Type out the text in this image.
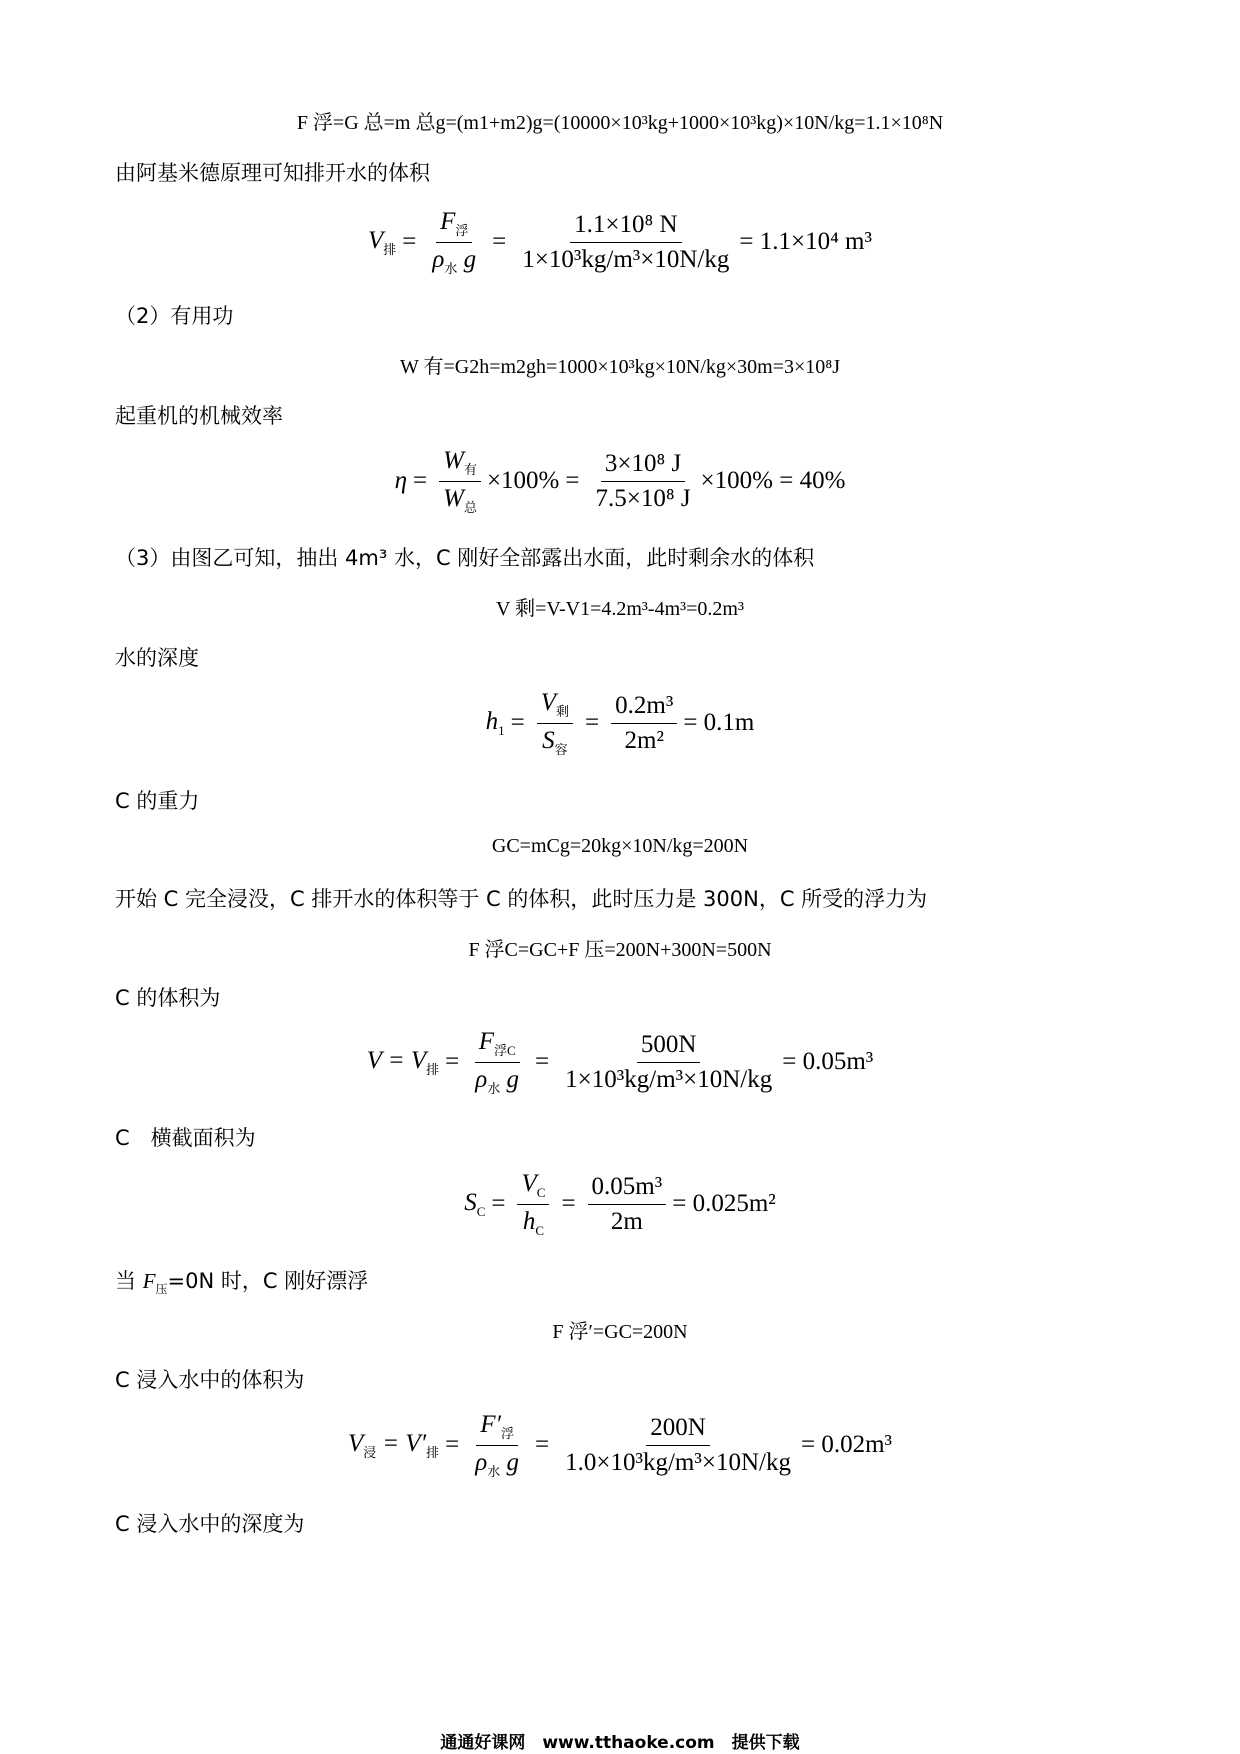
F 浮=G 总=m 总g=(m1+m2)g=(10000×10³kg+1000×10³kg)×10N/kg=1.1×10⁸N
由阿基米德原理可知排开水的体积
$V_排 = \frac{F_浮}{\rho_水 g} = \frac{\text{1.1×10⁸ N}}{\text{1×10³kg/m³×10N/kg}} = 1.1\times 10^4$ m³
（2）有用功
W 有=G2h=m2gh=1000×10³kg×10N/kg×30m=3×10⁸J
起重机的机械效率
$\eta = \frac{W_有}{W_总} \times 100\% = \frac{\text{3×10⁸ J}}{\text{7.5×10⁸ J}} \times 100\% = 40\%$
（3）由图乙可知，抽出 4m³ 水，C 刚好全部露出水面，此时剩余水的体积
V 剩=V-V1=4.2m³-4m³=0.2m³
水的深度
$h_1 = \frac{V_剩}{S_容} = \frac{\text{0.2m³}}{\text{2m²}} = 0.1m$
C 的重力
GC=mCg=20kg×10N/kg=200N
开始 C 完全浸没，C 排开水的体积等于 C 的体积，此时压力是 300N，C 所受的浮力为
F 浮C=GC+F 压=200N+300N=500N
C 的体积为
$V = V_排 = \frac{F_{浮C}}{\rho_水 g} = \frac{500N}{\text{1×10³kg/m³×10N/kg}} = 0.05m^3$
C　横截面积为
$S_C = \frac{V_C}{h_C} = \frac{\text{0.05m³}}{2m} = 0.025m^2$
当 $F_压=0N$ 时，C 刚好漂浮
F 浮′=GC=200N
C 浸入水中的体积为
$V_浸 = V'_排 = \frac{F'_浮}{\rho_水 g} = \frac{200N}{\text{1.0×10³kg/m³×10N/kg}} = 0.02m^3$
C 浸入水中的深度为
通通好课网　www.tthaoke.com　提供下载
